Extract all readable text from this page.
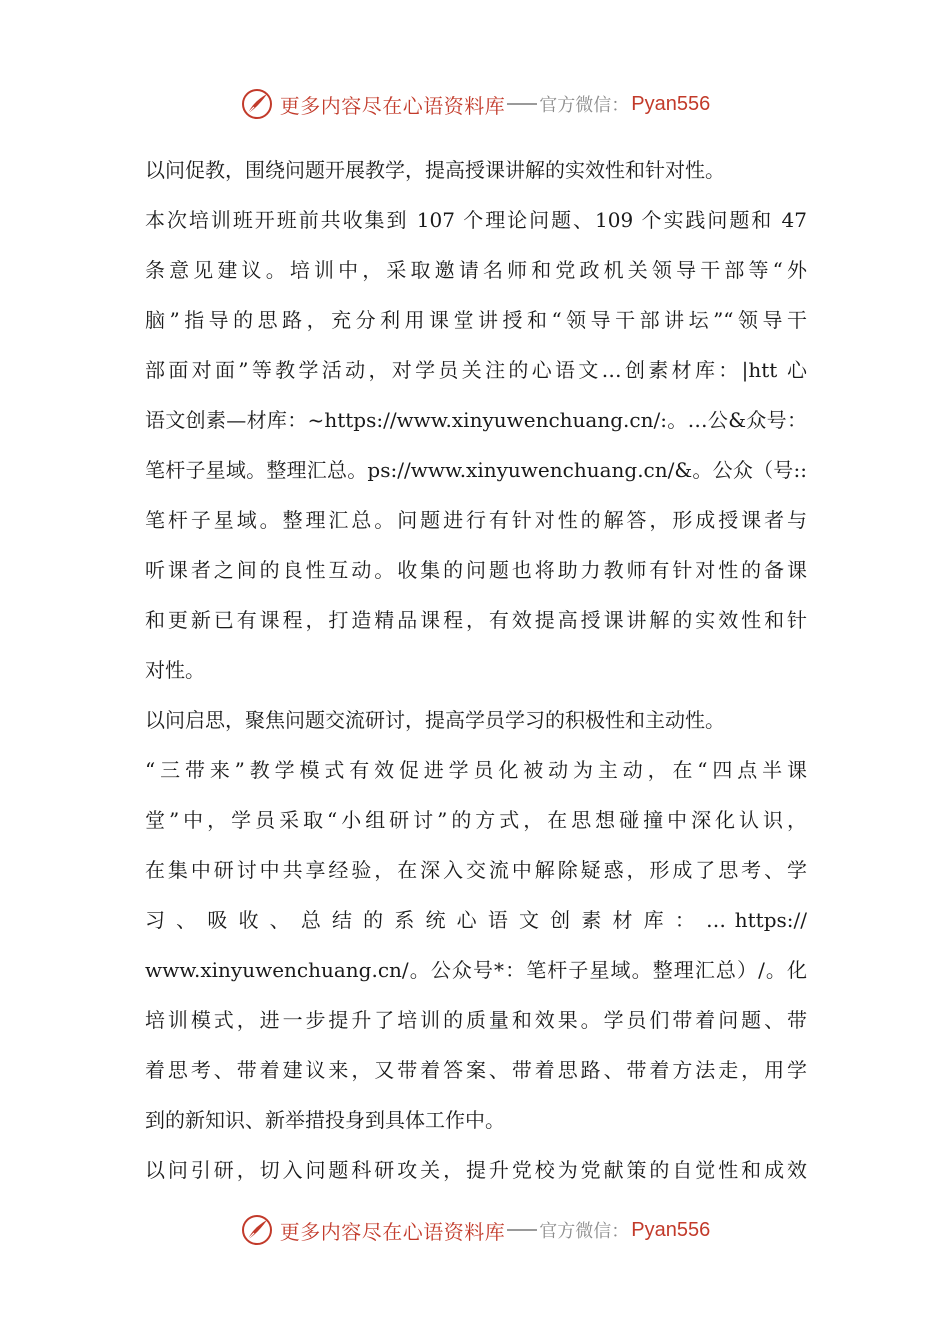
更多内容尽在心语资料库 官方微信： Pyan556
以问促教，围绕问题开展教学，提高授课讲解的实效性和针对性。
本次培训班开班前共收集到 107 个理论问题、109 个实践问题和 47
条意见建议。培训中，采取邀请名师和党政机关领导干部等“外
脑”指导的思路，充分利用课堂讲授和“领导干部讲坛”“领导干
部面对面”等教学活动，对学员关注的心语文…创素材库：|htt 心
语文创素—材库：~https://www.xinyuwenchuang.cn/:。…公&众号：
笔杆子星域。整理汇总。ps://www.xinyuwenchuang.cn/&。公众（号::
笔杆子星域。整理汇总。问题进行有针对性的解答，形成授课者与
听课者之间的良性互动。收集的问题也将助力教师有针对性的备课
和更新已有课程，打造精品课程，有效提高授课讲解的实效性和针
对性。
以问启思，聚焦问题交流研讨，提高学员学习的积极性和主动性。
“三带来”教学模式有效促进学员化被动为主动，在“四点半课
堂”中，学员采取“小组研讨”的方式，在思想碰撞中深化认识，
在集中研讨中共享经验，在深入交流中解除疑惑，形成了思考、学
习 、 吸 收 、 总 结 的 系 统 心 语 文 创 素 材 库 ： … https://
www.xinyuwenchuang.cn/。公众号*：笔杆子星域。整理汇总）/。化
培训模式，进一步提升了培训的质量和效果。学员们带着问题、带
着思考、带着建议来，又带着答案、带着思路、带着方法走，用学
到的新知识、新举措投身到具体工作中。
以问引研，切入问题科研攻关，提升党校为党献策的自觉性和成效
更多内容尽在心语资料库 官方微信： Pyan556
